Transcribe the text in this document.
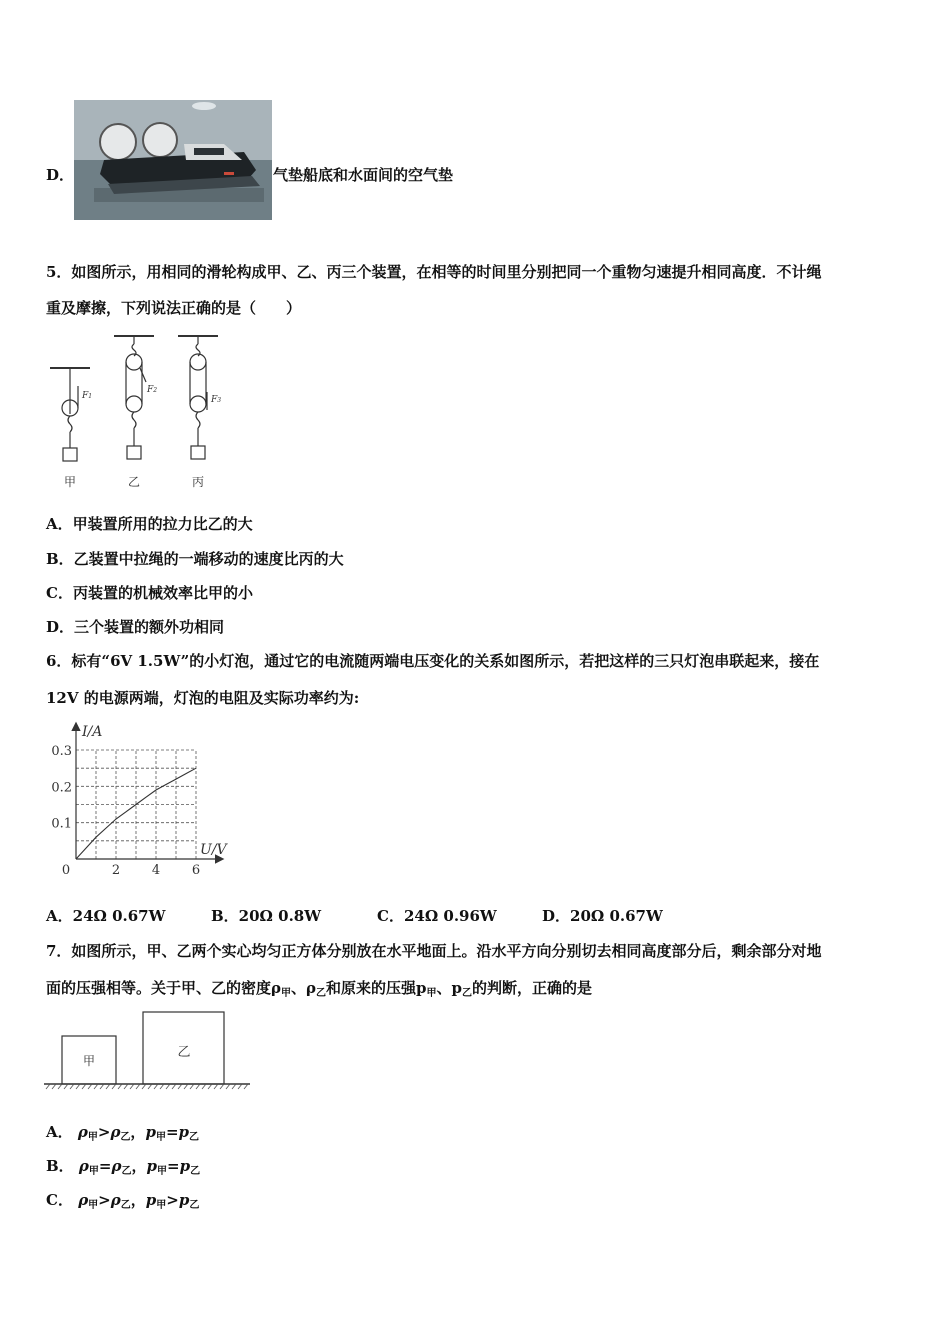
D．	气垫船底和水面间的空气垫
5．如图所示，用相同的滑轮构成甲、乙、丙三个装置，在相等的时间里分别把同一个重物匀速提升相同高度．不计绳
重及摩擦，下列说法正确的是（　　）
F1
F2
F3
甲	乙	丙
A．甲装置所用的拉力比乙的大
B．乙装置中拉绳的一端移动的速度比丙的大
C．丙装置的机械效率比甲的小
D．三个装置的额外功相同
6．标有“6V 1.5W”的小灯泡，通过它的电流随两端电压变化的关系如图所示，若把这样的三只灯泡串联起来，接在
12V 的电源两端，灯泡的电阻及实际功率约为:
0	2 4 6
0.1
0.2
0.3
I/A
U/V
A．24Ω 0.67W	B．20Ω 0.8W	C．24Ω 0.96W	D．20Ω 0.67W
7．如图所示，甲、乙两个实心均匀正方体分别放在水平地面上。沿水平方向分别切去相同高度部分后，剩余部分对地
面的压强相等。关于甲、乙的密度$\rho_甲$、$\rho_乙$和原来的压强$p_甲$、$p_乙$的判断，正确的是
甲
乙
A． $\rho_甲>\rho_乙$，$p_甲=p_乙$
B． $\rho_甲=\rho_乙$，$p_甲=p_乙$
C． $\rho_甲>\rho_乙$，$p_甲>p_乙$
